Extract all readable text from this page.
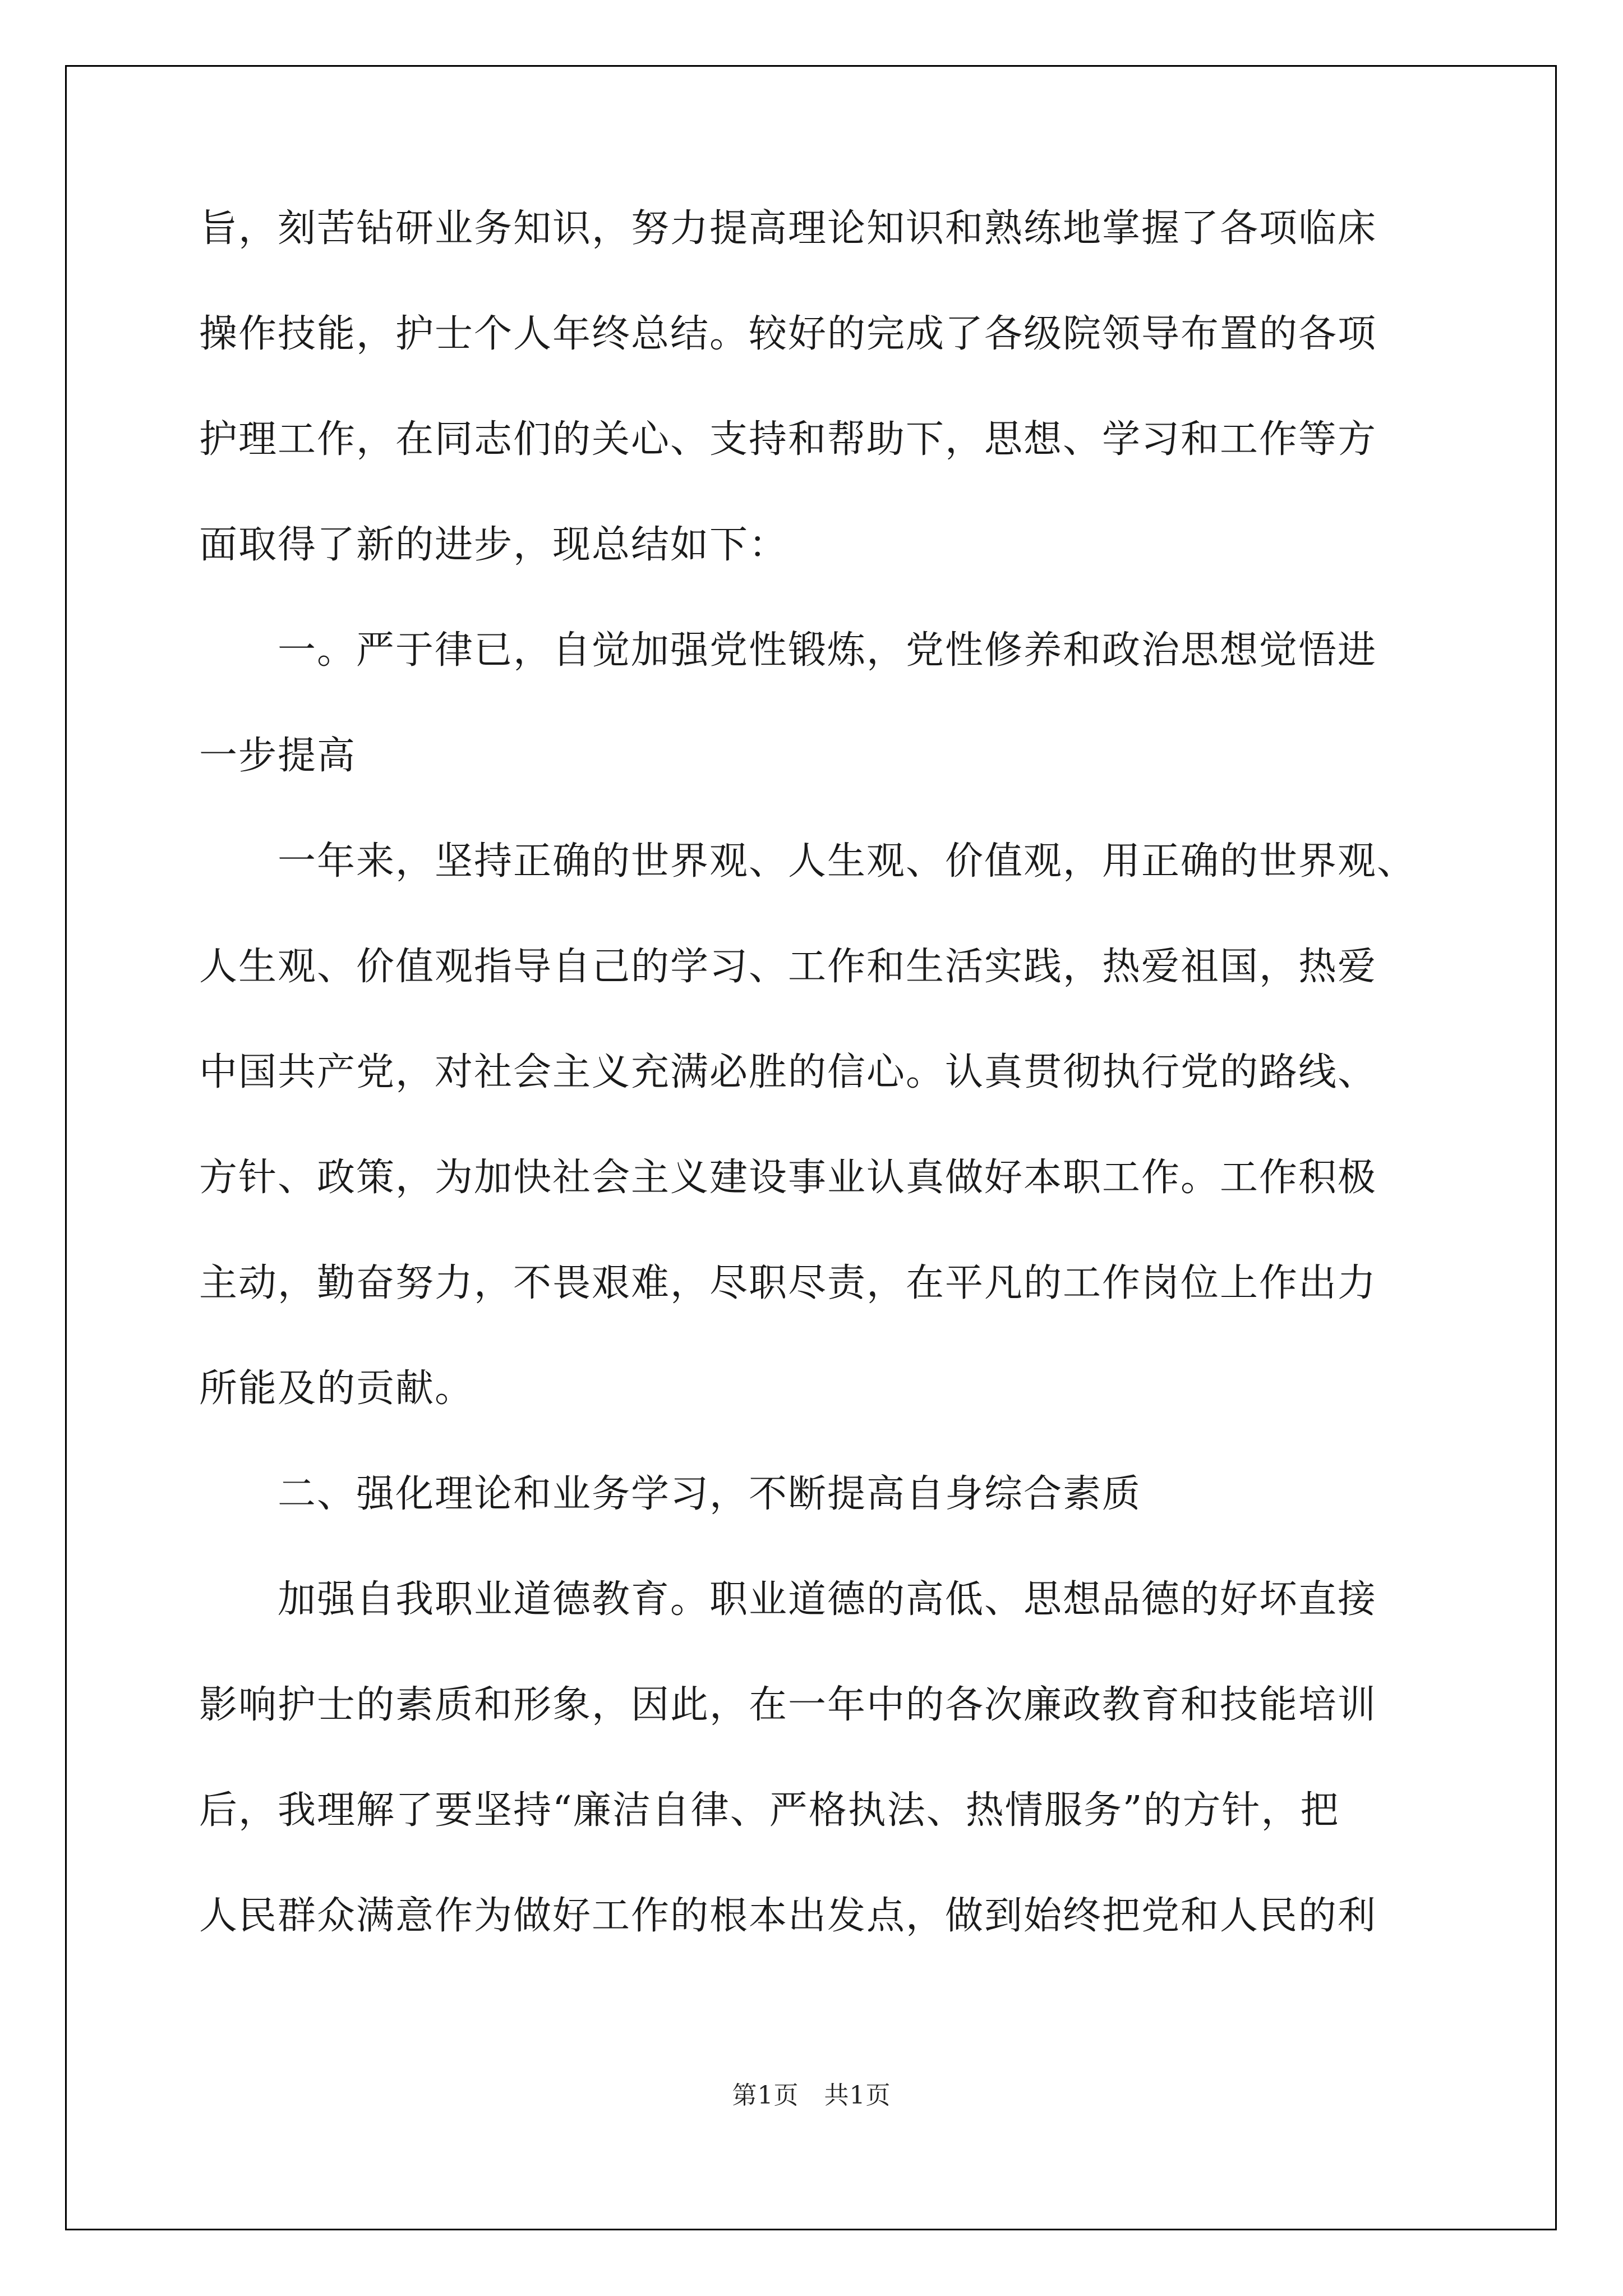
旨，刻苦钻研业务知识，努力提高理论知识和熟练地掌握了各项临床
操作技能，护士个人年终总结。较好的完成了各级院领导布置的各项
护理工作，在同志们的关心、支持和帮助下，思想、学习和工作等方
面取得了新的进步，现总结如下：
　　一。严于律已，自觉加强党性锻炼，党性修养和政治思想觉悟进
一步提高
　　一年来，坚持正确的世界观、人生观、价值观，用正确的世界观、
人生观、价值观指导自己的学习、工作和生活实践，热爱祖国，热爱
中国共产党，对社会主义充满必胜的信心。认真贯彻执行党的路线、
方针、政策，为加快社会主义建设事业认真做好本职工作。工作积极
主动，勤奋努力，不畏艰难，尽职尽责，在平凡的工作岗位上作出力
所能及的贡献。
　　二、强化理论和业务学习，不断提高自身综合素质
　　加强自我职业道德教育。职业道德的高低、思想品德的好坏直接
影响护士的素质和形象，因此，在一年中的各次廉政教育和技能培训
后，我理解了要坚持“廉洁自律、严格执法、热情服务”的方针，把
人民群众满意作为做好工作的根本出发点，做到始终把党和人民的利
第1页　共1页
